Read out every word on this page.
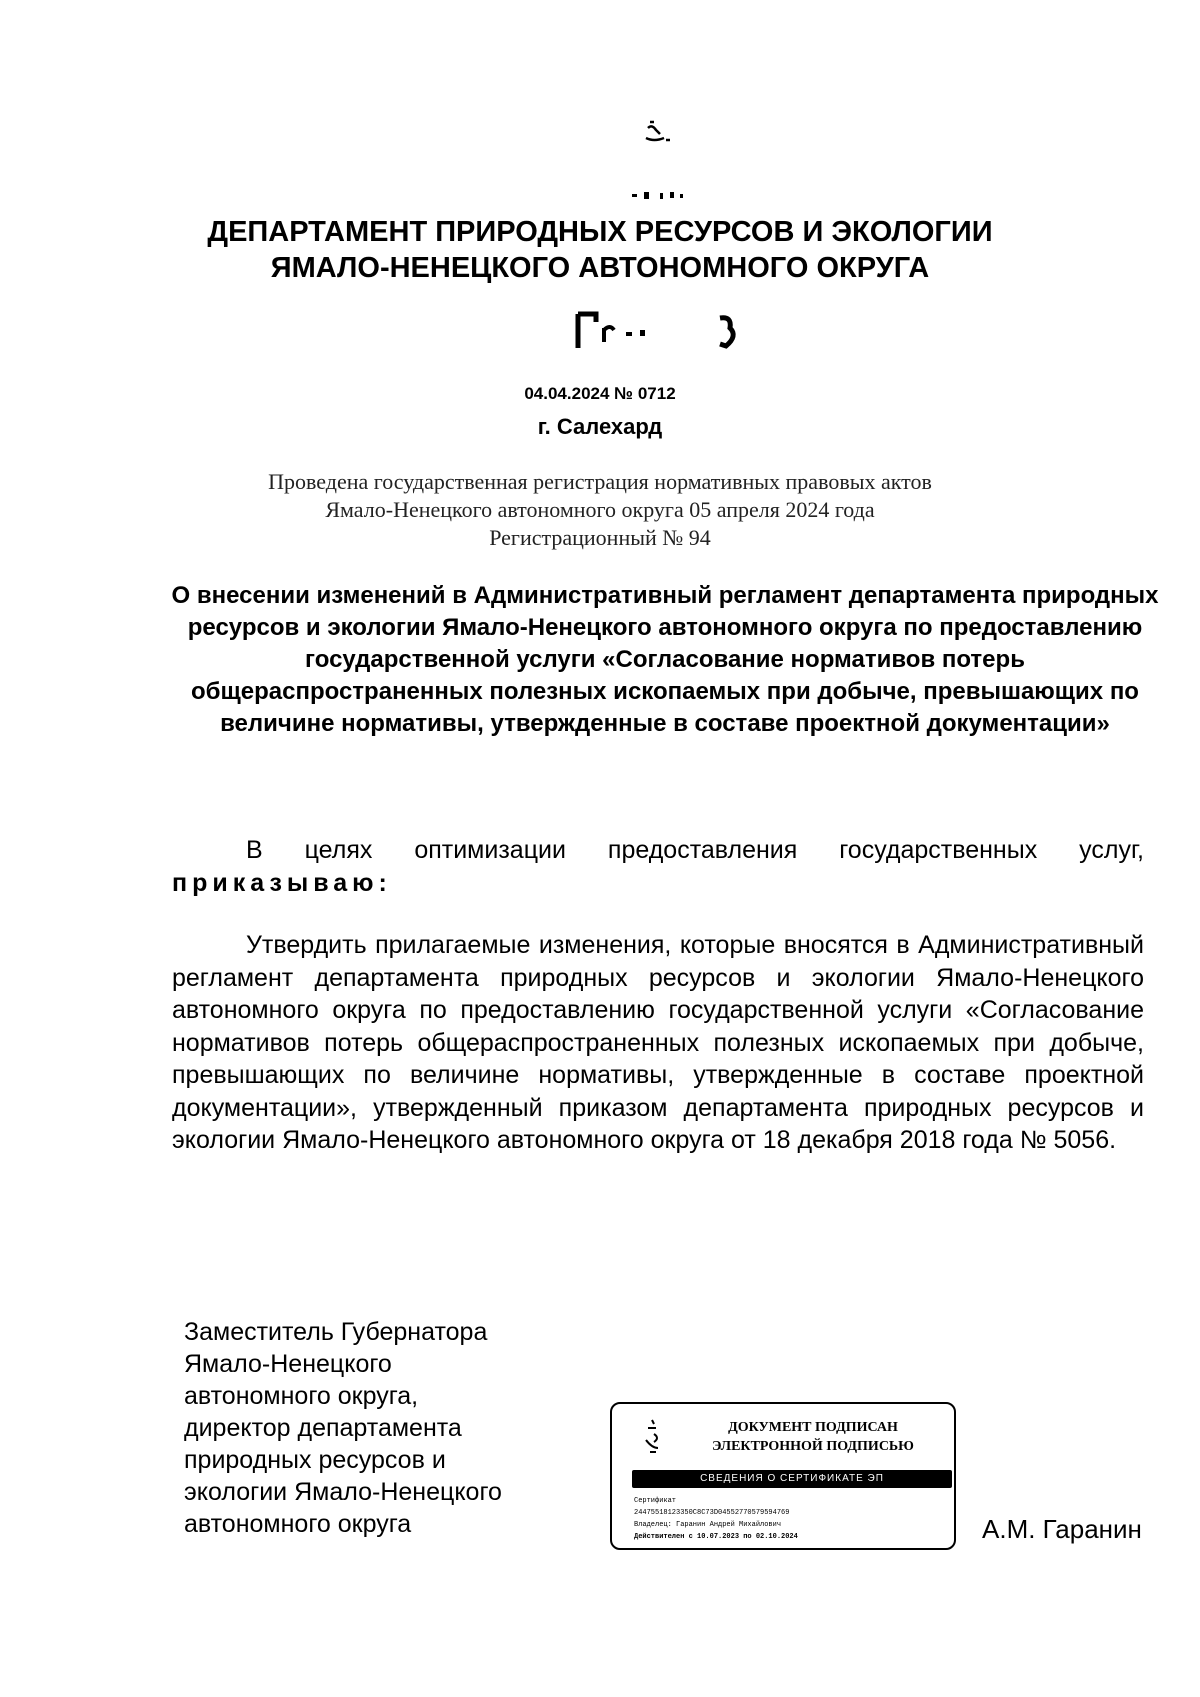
ДЕПАРТАМЕНТ ПРИРОДНЫХ РЕСУРСОВ И ЭКОЛОГИИ
ЯМАЛО-НЕНЕЦКОГО АВТОНОМНОГО ОКРУГА
04.04.2024 № 0712
г. Салехард
Проведена государственная регистрация нормативных правовых актов
Ямало-Ненецкого автономного округа 05 апреля 2024 года
Регистрационный № 94
О внесении изменений в Административный регламент департамента природных ресурсов и экологии Ямало-Ненецкого автономного округа по предоставлению государственной услуги «Согласование нормативов потерь общераспространенных полезных ископаемых при добыче, превышающих по величине нормативы, утвержденные в составе проектной документации»
В целях оптимизации предоставления государственных услуг, приказываю:
Утвердить прилагаемые изменения, которые вносятся в Административный регламент департамента природных ресурсов и экологии Ямало-Ненецкого автономного округа по предоставлению государственной услуги «Согласование нормативов потерь общераспространенных полезных ископаемых при добыче, превышающих по величине нормативы, утвержденные в составе проектной документации», утвержденный приказом департамента природных ресурсов и экологии Ямало-Ненецкого автономного округа от 18 декабря 2018 года № 5056.
Заместитель Губернатора
Ямало-Ненецкого
автономного округа,
директор департамента
природных ресурсов и
экологии Ямало-Ненецкого
автономного округа
ДОКУМЕНТ ПОДПИСАН
ЭЛЕКТРОННОЙ ПОДПИСЬЮ
СВЕДЕНИЯ О СЕРТИФИКАТЕ ЭП
Сертификат
24475518123350C8C73D04552770579594769
Владелец: Гаранин Андрей Михайлович
Действителен с 10.07.2023 по 02.10.2024	А.М. Гаранин
